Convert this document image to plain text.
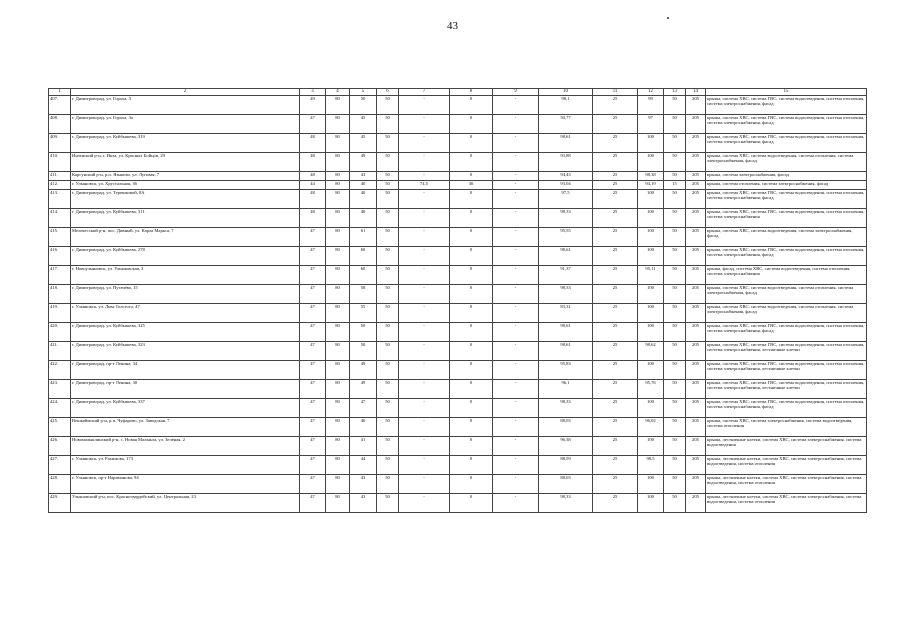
43
1	2	3	4	5	6	7	8	9	10	11	12	13	14	15
407.	г. Димитровград, ул. Гороха, 3	49	80	50	50	-	0	-	98,1	25	99	50	205	крыша, система ХВС, система ГВС, система водоотведения, система отопления, система электроснабжения, фасад
408.	г. Димитровград, ул. Гороха, 3а	47	80	45	50	-	0	-	50,77	25	97	50	205	крыша, система ХВС, система ГВС, система водоотведения, система отопления, система электроснабжения, фасад
409.	г. Димитровград, ул. Куйбышева, 319	48	80	45	50	-	0	-	98,61	25	100	50	205	крыша, система ХВС, система ГВС, система водоотведения, система отопления, система электроснабжения, фасад
410.	Инзенский р-н, г. Инза, ул. Красных Бойцов, 29	48	80	49	50	-	0	-	93,88	25	100	50	205	крыша, система ХВС, система водоотведения, система отопления, система электроснабжения, фасад
411.	Карсунский р-н, р.п. Языково, ул. Луговая, 7	48	80	43	50	-	0	-	94,43	25	98,38	50	205	крыша, система электроснабжения, фасад
412.	г. Ульяновск, ул. Хрустальная, 36	44	80	40	50	74,5	30	-	93,04	25	94,19	15	205	крыша, система отопления, система электроснабжения, фасад
413.	г. Димитровград, ул. Терешковой, 8А	48	80	40	50	-	0	-	97,5	25	100	50	205	крыша, система ХВС, система ГВС, система водоотведения, система отопления, система электроснабжения, фасад
414.	г. Димитровград, ул. Куйбышева, 311	48	80	40	50	-	0	-	98,33	25	100	50	205	крыша, система ХВС, система ГВС, система водоотведения, система отопления, система электроснабжения
415.	Мелекесский р-н, пос. Дивный, ул. Карла Маркса, 7	47	80	61	50	-	0	-	95,55	25	100	50	205	крыша, система ХВС, система водоотведения, система электроснабжения, фасад
416.	г. Димитровград, ул. Куйбышева, 278	47	80	60	50	-	0	-	98,61	25	100	50	205	крыша, система ХВС, система ГВС, система водоотведения, система отопления, система электроснабжения, фасад
417.	г. Новоульяновск, ул. Ульяновская, 3	47	80	60	50	-	0	-	91,37	25	95,11	50	205	крыша, фасад, система ХВС, система водоотведения, система отопления, система электроснабжения
418.	г. Димитровград, ул. Пугачёва, 15	47	80	58	50	-	0	-	98,33	25	100	50	205	крыша, система ХВС, система водоотведения, система отопления, система электроснабжения, фасад
419.	г. Ульяновск, ул. Льва Толстого, 47	47	80	55	50	-	0	-	83,31	25	100	50	205	крыша, система ХВС, система водоотведения, система отопления, система электроснабжения, фасад
420.	г. Димитровград, ул. Куйбышева, 325	47	80	50	50	-	0	-	98,61	25	100	50	205	крыша, система ХВС, система ГВС, система водоотведения, система отопления, система электроснабжения, фасад
421.	г. Димитровград, ул. Куйбышева, 323	47	80	50	50	-	0	-	98,61	25	98,62	50	205	крыша, система ХВС, система ГВС, система водоотведения, система отопления, система электроснабжения, лестничные клетки
422.	г. Димитровград, пр-т Ленина, 34	47	80	49	50	-	0	-	95,83	25	100	50	205	крыша, система ХВС, система ГВС, система водоотведения, система отопления, система электроснабжения, лестничные клетки
423.	г. Димитровград, пр-т Ленина, 30	47	80	49	50	-	0	-	96,1	25	95,76	50	205	крыша, система ХВС, система ГВС, система водоотведения, система отопления, система электроснабжения, лестничные клетки
424.	г. Димитровград, ул. Куйбышева, 337	47	80	47	50	-	0	-	98,33	25	100	50	205	крыша, система ХВС, система ГВС, система водоотведения, система отопления, система электроснабжения, фасад
425.	Вешкаймский р-н, р.п. Чуфарово, ул. Заводская, 7	47	80	46	50	-	0	-	88,03	25	96,02	50	205	крыша, система ХВС, система электроснабжения, система водоотведения, система отопления
426.	Новомалыклинский р-н, с. Новая Малыкла, ул. Зелёная, 2	47	80	41	50	-	0	-	96,38	25	100	50	205	крыша, лестничные клетки, система ХВС, система электроснабжения, система водоотведения
427.	г. Ульяновск, ул. Рахимова, 173	47	80	44	50	-	0	-	88,59	25	98,5	50	205	крыша, лестничные клетки, система ХВС, система электроснабжения, система водоотведения, система отопления
428.	г. Ульяновск, пр-т Нариманова, 94	47	80	43	50	-	0	-	88,03	25	100	50	205	крыша, лестничные клетки, система ХВС, система электроснабжения, система водоотведения, система отопления
429.	Ульяновский р-н, пос. Красногвардейский, ул. Центральная, 23	47	80	43	50	-	0	-	98,33	25	100	50	205	крыша, лестничные клетки, система ХВС, система электроснабжения, система водоотведения, система отопления
